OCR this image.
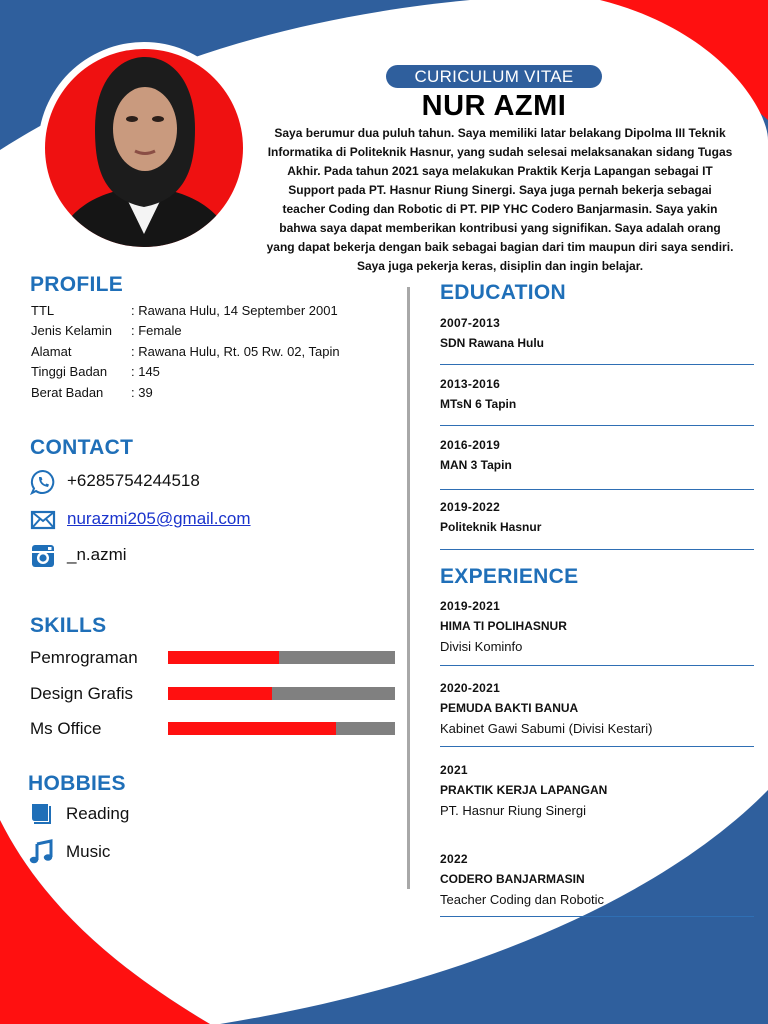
CURICULUM VITAE
NUR AZMI
Saya berumur dua puluh tahun. Saya memiliki latar belakang Dipolma III Teknik Informatika di Politeknik Hasnur, yang sudah selesai melaksanakan sidang Tugas Akhir. Pada tahun 2021 saya melakukan Praktik Kerja Lapangan sebagai IT Support pada PT. Hasnur Riung Sinergi. Saya juga pernah bekerja sebagai teacher Coding dan Robotic di PT. PIP YHC Codero Banjarmasin. Saya yakin bahwa saya dapat memberikan kontribusi yang signifikan. Saya adalah orang yang dapat bekerja dengan baik sebagai bagian dari tim maupun diri saya sendiri. Saya juga pekerja keras, disiplin dan ingin belajar.
PROFILE
TTL	: Rawana Hulu, 14 September 2001
Jenis Kelamin : Female
Alamat	: Rawana Hulu, Rt. 05 Rw. 02, Tapin
Tinggi Badan : 145
Berat Badan : 39
CONTACT
+6285754244518
nurazmi205@gmail.com
_n.azmi
SKILLS
Pemrograman
Design Grafis
Ms Office
HOBBIES
Reading
Music
EDUCATION
2007-2013
SDN Rawana Hulu
2013-2016
MTsN 6 Tapin
2016-2019
MAN 3 Tapin
2019-2022
Politeknik Hasnur
EXPERIENCE
2019-2021
HIMA TI POLIHASNUR
Divisi Kominfo
2020-2021
PEMUDA BAKTI BANUA
Kabinet Gawi Sabumi (Divisi Kestari)
2021
PRAKTIK KERJA LAPANGAN
PT. Hasnur Riung Sinergi
2022
CODERO BANJARMASIN
Teacher Coding dan Robotic
